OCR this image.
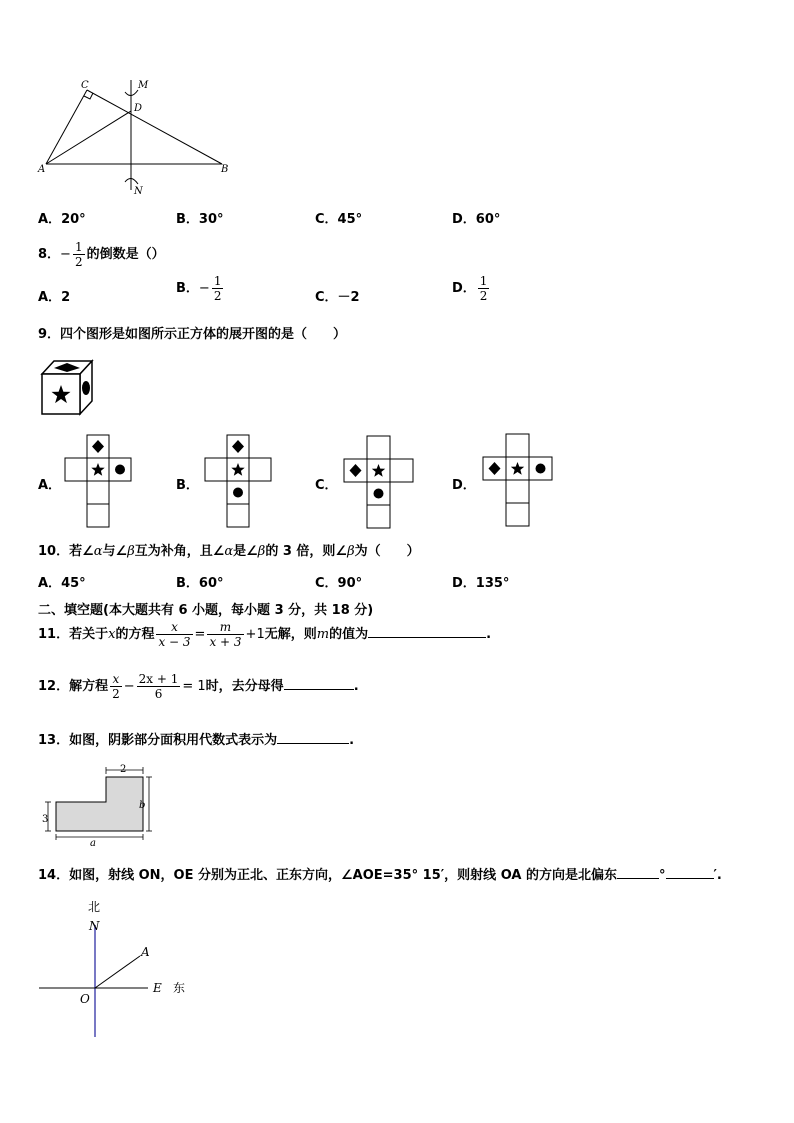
C	M
D
A	B
N
A．20°	B．30°	C．45°	D．60°
8．− $\frac{1}{2}$ 的倒数是（）
A．2
B．− $\frac{1}{2}$	C．－2
D． $\frac{1}{2}$
9．四个图形是如图所示正方体的展开图的是（　　）
A．	B．	C．	D．
10．若∠α与∠β互为补角，且∠α是∠β的 3 倍，则∠β为（　　）
A．45°	B．60°	C．90°	D．135°
二、填空题(本大题共有 6 小题，每小题 3 分，共 18 分)
11．若关于x的方程 $\frac{x}{x - 3} = \frac{m}{x + 3} +1$无解，则m的值为	.
12．解方程 $\frac{x}{2} - \frac{2x + 1}{6} = 1$时，去分母得	.
13．如图，阴影部分面积用代数式表示为	.
2
b
3
a
14．如图，射线 ON，OE 分别为正北、正东方向，∠AOE=35° 15′，则射线 OA 的方向是北偏东	°	′.
北
N
A
O
E 东
